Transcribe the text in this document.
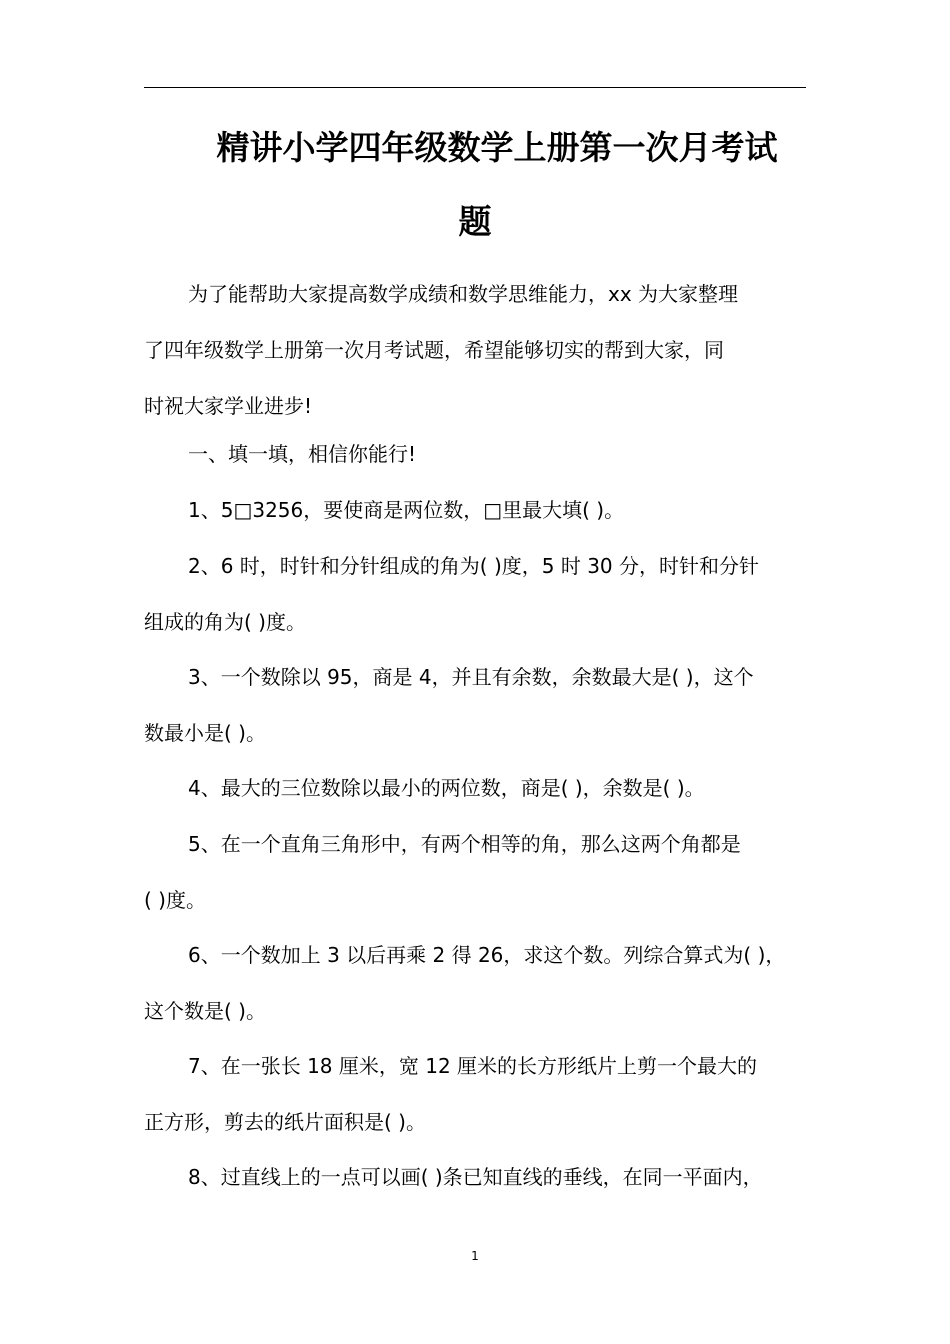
精讲小学四年级数学上册第一次月考试
题
为了能帮助大家提高数学成绩和数学思维能力，xx 为大家整理
了四年级数学上册第一次月考试题，希望能够切实的帮到大家，同
时祝大家学业进步!
一、填一填，相信你能行!
1、5□3256，要使商是两位数，□里最大填( )。
2、6 时，时针和分针组成的角为( )度，5 时 30 分，时针和分针
组成的角为( )度。
3、一个数除以 95，商是 4，并且有余数，余数最大是( )，这个
数最小是( )。
4、最大的三位数除以最小的两位数，商是( )，余数是( )。
5、在一个直角三角形中，有两个相等的角，那么这两个角都是
( )度。
6、一个数加上 3 以后再乘 2 得 26，求这个数。列综合算式为( )，
这个数是( )。
7、在一张长 18 厘米，宽 12 厘米的长方形纸片上剪一个最大的
正方形，剪去的纸片面积是( )。
8、过直线上的一点可以画( )条已知直线的垂线，在同一平面内，
1
